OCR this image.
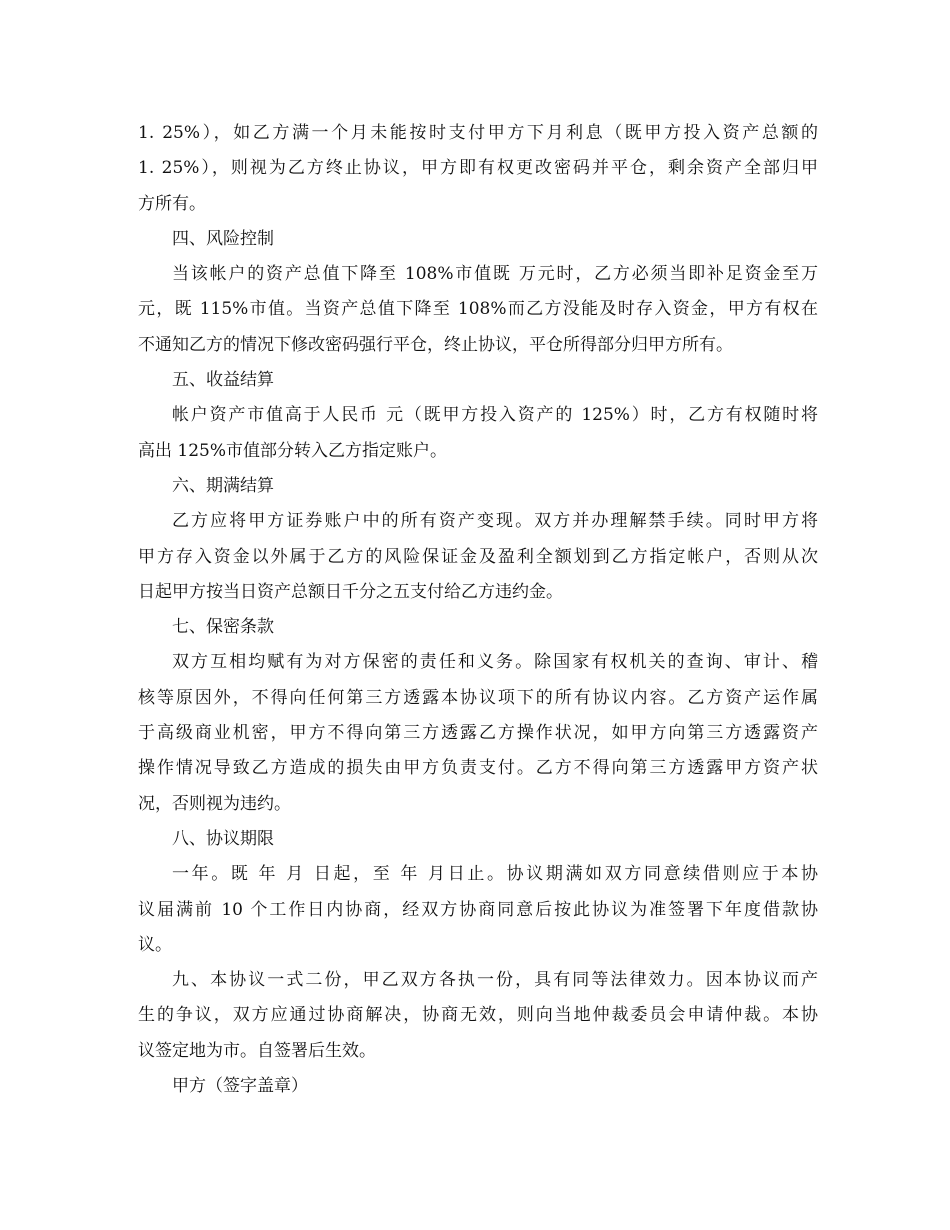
1. 25%），如乙方满一个月未能按时支付甲方下月利息（既甲方投入资产总额的
1. 25%），则视为乙方终止协议，甲方即有权更改密码并平仓，剩余资产全部归甲
方所有。
四、风险控制
当该帐户的资产总值下降至 108%市值既 万元时，乙方必须当即补足资金至万
元，既 115%市值。当资产总值下降至 108%而乙方没能及时存入资金，甲方有权在
不通知乙方的情况下修改密码强行平仓，终止协议，平仓所得部分归甲方所有。
五、收益结算
帐户资产市值高于人民币 元（既甲方投入资产的 125%）时，乙方有权随时将
高出 125%市值部分转入乙方指定账户。
六、期满结算
乙方应将甲方证券账户中的所有资产变现。双方并办理解禁手续。同时甲方将
甲方存入资金以外属于乙方的风险保证金及盈利全额划到乙方指定帐户，否则从次
日起甲方按当日资产总额日千分之五支付给乙方违约金。
七、保密条款
双方互相均赋有为对方保密的责任和义务。除国家有权机关的查询、审计、稽
核等原因外，不得向任何第三方透露本协议项下的所有协议内容。乙方资产运作属
于高级商业机密，甲方不得向第三方透露乙方操作状况，如甲方向第三方透露资产
操作情况导致乙方造成的损失由甲方负责支付。乙方不得向第三方透露甲方资产状
况，否则视为违约。
八、协议期限
一年。既 年 月 日起，至 年 月日止。协议期满如双方同意续借则应于本协
议届满前 10 个工作日内协商，经双方协商同意后按此协议为准签署下年度借款协
议。
九、本协议一式二份，甲乙双方各执一份，具有同等法律效力。因本协议而产
生的争议，双方应通过协商解决，协商无效，则向当地仲裁委员会申请仲裁。本协
议签定地为市。自签署后生效。
甲方（签字盖章）
